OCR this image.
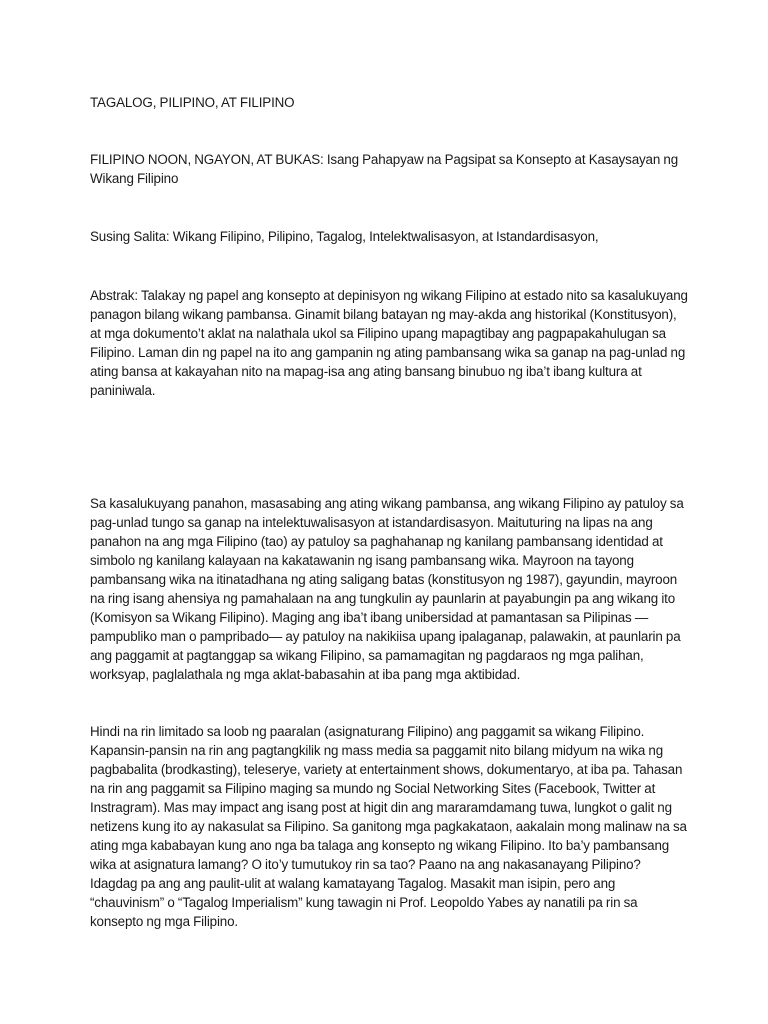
TAGALOG, PILIPINO, AT FILIPINO

FILIPINO NOON, NGAYON, AT BUKAS: Isang Pahapyaw na Pagsipat sa Konsepto at Kasaysayan ng Wikang Filipino

Susing Salita: Wikang Filipino, Pilipino, Tagalog, Intelektwalisasyon, at Istandardisasyon,

Abstrak: Talakay ng papel ang konsepto at depinisyon ng wikang Filipino at estado nito sa kasalukuyang panagon bilang wikang pambansa. Ginamit bilang batayan ng may-akda ang historikal (Konstitusyon), at mga dokumento’t aklat na nalathala ukol sa Filipino upang mapagtibay ang pagpapakahulugan sa Filipino. Laman din ng papel na ito ang gampanin ng ating pambansang wika sa ganap na pag-unlad ng ating bansa at kakayahan nito na mapag-isa ang ating bansang binubuo ng iba’t ibang kultura at paniniwala.

Sa kasalukuyang panahon, masasabing ang ating wikang pambansa, ang wikang Filipino ay patuloy sa pag-unlad tungo sa ganap na intelektuwalisasyon at istandardisasyon. Maituturing na lipas na ang panahon na ang mga Filipino (tao) ay patuloy sa paghahanap ng kanilang pambansang identidad at simbolo ng kanilang kalayaan na kakatawanin ng isang pambansang wika. Mayroon na tayong pambansang wika na itinatadhana ng ating saligang batas (konstitusyon ng 1987), gayundin, mayroon na ring isang ahensiya ng pamahalaan na ang tungkulin ay paunlarin at payabungin pa ang wikang ito (Komisyon sa Wikang Filipino). Maging ang iba’t ibang unibersidad at pamantasan sa Pilipinas — pampubliko man o pampribado— ay patuloy na nakikiisa upang ipalaganap, palawakin, at paunlarin pa ang paggamit at pagtanggap sa wikang Filipino, sa pamamagitan ng pagdaraos ng mga palihan, worksyap, paglalathala ng mga aklat-babasahin at iba pang mga aktibidad.

Hindi na rin limitado sa loob ng paaralan (asignaturang Filipino) ang paggamit sa wikang Filipino. Kapansin-pansin na rin ang pagtangkilik ng mass media sa paggamit nito bilang midyum na wika ng pagbabalita (brodkasting), teleserye, variety at entertainment shows, dokumentaryo, at iba pa. Tahasan na rin ang paggamit sa Filipino maging sa mundo ng Social Networking Sites (Facebook, Twitter at Instragram). Mas may impact ang isang post at higit din ang mararamdamang tuwa, lungkot o galit ng netizens kung ito ay nakasulat sa Filipino. Sa ganitong mga pagkakataon, aakalain mong malinaw na sa ating mga kababayan kung ano nga ba talaga ang konsepto ng wikang Filipino. Ito ba’y pambansang wika at asignatura lamang? O ito’y tumutukoy rin sa tao? Paano na ang nakasanayang Pilipino? Idagdag pa ang ang paulit-ulit at walang kamatayang Tagalog. Masakit man isipin, pero ang “chauvinism” o “Tagalog Imperialism” kung tawagin ni Prof. Leopoldo Yabes ay nanatili pa rin sa konsepto ng mga Filipino.
